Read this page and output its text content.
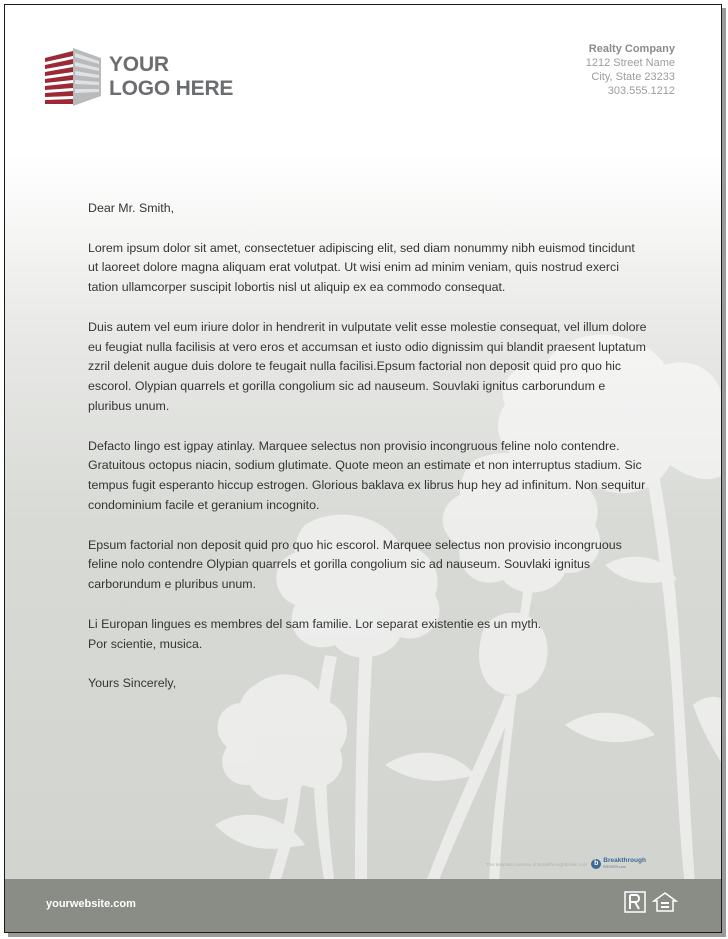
YOUR
LOGO HERE
Realty Company
1212 Street Name
City, State 23233
303.555.1212

Dear Mr. Smith,

Lorem ipsum dolor sit amet, consectetuer adipiscing elit, sed diam nonummy nibh euismod tincidunt ut laoreet dolore magna aliquam erat volutpat. Ut wisi enim ad minim veniam, quis nostrud exerci tation ullamcorper suscipit lobortis nisl ut aliquip ex ea commodo consequat.

Duis autem vel eum iriure dolor in hendrerit in vulputate velit esse molestie consequat, vel illum dolore eu feugiat nulla facilisis at vero eros et accumsan et iusto odio dignissim qui blandit praesent luptatum zzril delenit augue duis dolore te feugait nulla facilisi.Epsum factorial non deposit quid pro quo hic escorol. Olypian quarrels et gorilla congolium sic ad nauseum. Souvlaki ignitus carborundum e pluribus unum.

Defacto lingo est igpay atinlay. Marquee selectus non provisio incongruous feline nolo contendre. Gratuitous octopus niacin, sodium glutimate. Quote meon an estimate et non interruptus stadium. Sic tempus fugit esperanto hiccup estrogen. Glorious baklava ex librus hup hey ad infinitum. Non sequitur condominium facile et geranium incognito.

Epsum factorial non deposit quid pro quo hic escorol. Marquee selectus non provisio incongruous feline nolo contendre Olypian quarrels et gorilla congolium sic ad nauseum. Souvlaki ignitus carborundum e pluribus unum.

Li Europan lingues es membres del sam familie. Lor separat existentie es un myth.
Por scientie, musica.

Yours Sincerely,

This template courtesy of BreakthroughBroker.com b Breakthrough
BROKER.com
yourwebsite.com
